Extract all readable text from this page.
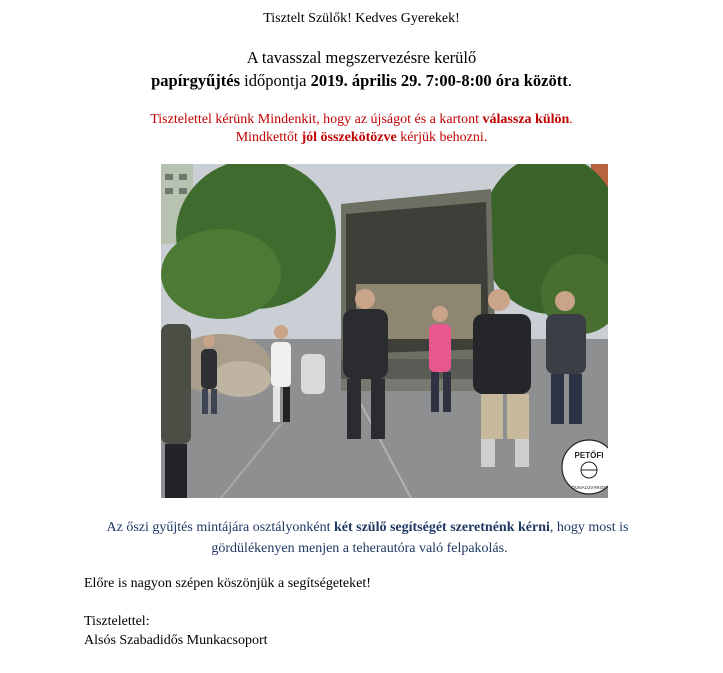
Tisztelt Szülők! Kedves Gyerekek!
A tavasszal megszervezésre kerülő
papírgyűjtés időpontja 2019. április 29. 7:00-8:00 óra között.
Tisztelettel kérünk Mindenkit, hogy az újságot és a kartont válassza külön.
Mindkettőt jól összekötözve kérjük behozni.
PETŐFI
DUNAÚJVÁROS
Az őszi gyűjtés mintájára osztályonként két szülő segítségét szeretnénk kérni, hogy most is
gördülékenyen menjen a teherautóra való felpakolás.
Előre is nagyon szépen köszönjük a segítségeteket!
Tisztelettel:
Alsós Szabadidős Munkacsoport
